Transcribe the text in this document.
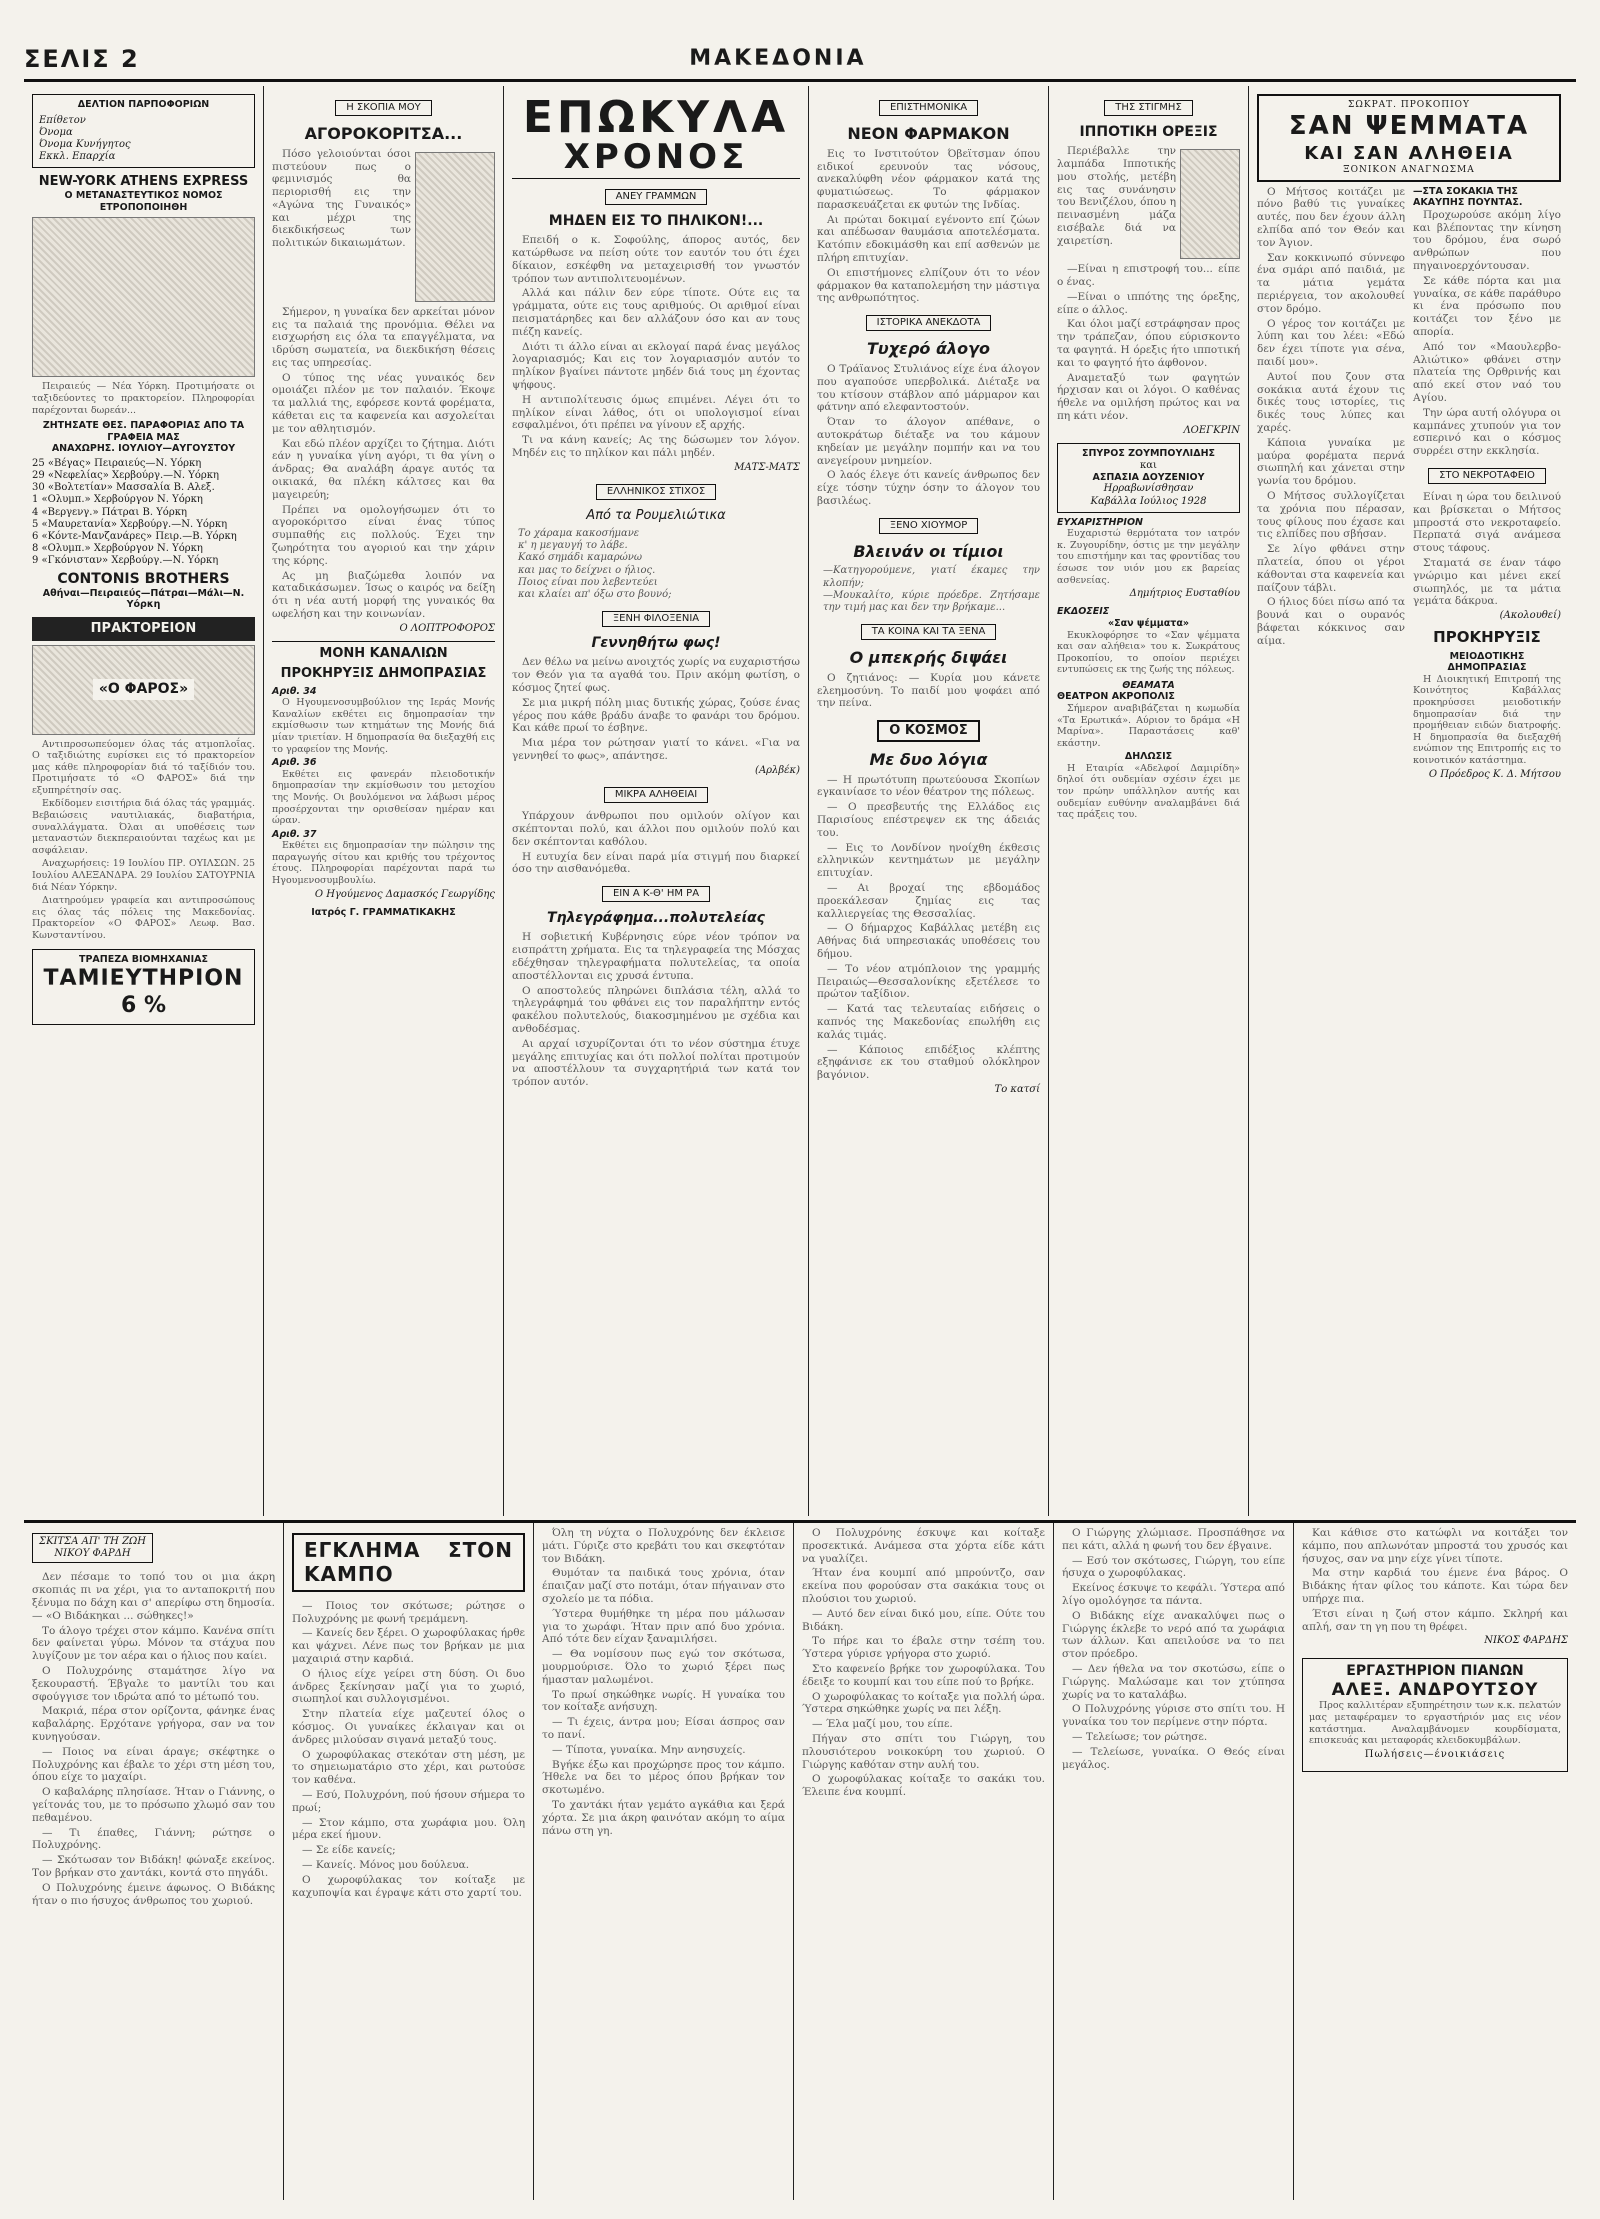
ΣΕΛΙΣ 2	ΜΑΚΕΔΟΝΙΑ
ΔΕΛΤΙΟΝ ΠΑΡΠΟΦΟΡΙΩΝ
Επίθετον
Όνομα
Όνομα Κυνήγητος
Εκκλ. Επαρχία
NEW-YORK ATHENS EXPRESS
Ο ΜΕΤΑΝΑΣΤΕΥΤΙΚΟΣ ΝΟΜΟΣ ΕΤΡΟΠΟΠΟΙΗΘΗ

Πειραιεύς — Νέα Υόρκη. Προτιμήσατε οι ταξιδεύοντες το πρακτορείον. Πληροφορίαι παρέχονται δωρεάν...

ΖΗΤΗΣΑΤΕ ΘΕΣ. ΠΑΡΑΦΟΡΙΑΣ ΑΠΟ ΤΑ ΓΡΑΦΕΙΑ ΜΑΣ
ΑΝΑΧΩΡΗΣ. ΙΟΥΛΙΟΥ—ΑΥΓΟΥΣΤΟΥ
25 «Βέγας» Πειραιεύς—Ν. Υόρκη
29 «Νεφελίας» Χερβούργ.—Ν. Υόρκη
30 «Βολτετίαν» Μασσαλία Β. Αλεξ.
1 «Ολυμπ.» Χερβούργον Ν. Υόρκη
4 «Βεργενγ.» Πάτραι Β. Υόρκη
5 «Μαυρετανία» Χερβούργ.—Ν. Υόρκη
6 «Κόντε-Μανζανάρες» Πειρ.—Β. Υόρκη
8 «Ολυμπ.» Χερβούργον Ν. Υόρκη
9 «Γκόνισταν» Χερβούργ.—Ν. Υόρκη
CONTONIS BROTHERS
Αθήναι—Πειραιεύς—Πάτραι—Μάλι—Ν. Υόρκη
ΠΡΑΚΤΟΡΕΙΟΝ
«Ο ΦΑΡΟΣ»

Αντιπροσωπεύομεν όλας τάς ατμοπλοΐας. Ο ταξιδιώτης ευρίσκει εις τό πρακτορείον μας κάθε πληροφορίαν διά τό ταξίδιόν του. Προτιμήσατε τό «Ο ΦΑΡΟΣ» διά την εξυπηρέτησίν σας.

Εκδίδομεν εισιτήρια διά όλας τάς γραμμάς. Βεβαιώσεις ναυτιλιακάς, διαβατήρια, συναλλάγματα. Όλαι αι υποθέσεις των μεταναστών διεκπεραιούνται ταχέως και με ασφάλειαν.

Αναχωρήσεις: 19 Ιουλίου ΠΡ. ΟΥΙΛΣΩΝ. 25 Ιουλίου ΑΛΕΞΑΝΔΡΑ. 29 Ιουλίου ΣΑΤΟΥΡΝΙΑ διά Νέαν Υόρκην.

Διατηρούμεν γραφεία και αντιπροσώπους εις όλας τάς πόλεις της Μακεδονίας. Πρακτορείον «Ο ΦΑΡΟΣ» Λεωφ. Βασ. Κωνσταντίνου.

ΤΡΑΠΕΖΑ ΒΙΟΜΗΧΑΝΙΑΣ
ΤΑΜΙΕΥΤΗΡΙΟΝ
6 %
Η ΣΚΟΠΙΑ ΜΟΥ
ΑΓΟΡΟΚΟΡΙΤΣΑ...

Πόσο γελοιούνται όσοι πιστεύουν πως ο φεμινισμός θα περιορισθή εις την «Αγώνα της Γυναικός» και μέχρι της διεκδικήσεως των πολιτικών δικαιωμάτων.

Σήμερον, η γυναίκα δεν αρκείται μόνον εις τα παλαιά της προνόμια. Θέλει να εισχωρήση εις όλα τα επαγγέλματα, να ιδρύση σωματεία, να διεκδικήση θέσεις εις τας υπηρεσίας.

Ο τύπος της νέας γυναικός δεν ομοιάζει πλέον με τον παλαιόν. Έκοψε τα μαλλιά της, εφόρεσε κοντά φορέματα, κάθεται εις τα καφενεία και ασχολείται με τον αθλητισμόν.

Και εδώ πλέον αρχίζει το ζήτημα. Διότι εάν η γυναίκα γίνη αγόρι, τι θα γίνη ο άνδρας; Θα αναλάβη άραγε αυτός τα οικιακά, θα πλέκη κάλτσες και θα μαγειρεύη;

Πρέπει να ομολογήσωμεν ότι το αγοροκόριτσο είναι ένας τύπος συμπαθής εις πολλούς. Έχει την ζωηρότητα του αγοριού και την χάριν της κόρης.

Ας μη βιαζώμεθα λοιπόν να καταδικάσωμεν. Ίσως ο καιρός να δείξη ότι η νέα αυτή μορφή της γυναικός θα ωφελήση και την κοινωνίαν.

Ο ΛΟΠΤΡΟΦΟΡΟΣ
ΜΟΝΗ ΚΑΝΑΛΙΩΝ
ΠΡΟΚΗΡΥΞΙΣ ΔΗΜΟΠΡΑΣΙΑΣ
Αριθ. 34

Ο Ηγουμενοσυμβούλιον της Ιεράς Μονής Καναλίων εκθέτει εις δημοπρασίαν την εκμίσθωσιν των κτημάτων της Μονής διά μίαν τριετίαν. Η δημοπρασία θα διεξαχθή εις το γραφείον της Μονής.

Αριθ. 36

Εκθέτει εις φανεράν πλειοδοτικήν δημοπρασίαν την εκμίσθωσιν του μετοχίου της Μονής. Οι βουλόμενοι να λάβωσι μέρος προσέρχονται την ορισθείσαν ημέραν και ώραν.

Αριθ. 37

Εκθέτει εις δημοπρασίαν την πώλησιν της παραγωγής σίτου και κριθής του τρέχοντος έτους. Πληροφορίαι παρέχονται παρά τω Ηγουμενοσυμβουλίω.

Ο Ηγούμενος Δαμασκός Γεωργίδης
Ιατρός Γ. ΓΡΑΜΜΑΤΙΚΑΚΗΣ
ΕΠΩΚΥΛΑ
ΧΡΟΝΟΣ
ΑΝΕΥ ΓΡΑΜΜΩΝ
ΜΗΔΕΝ ΕΙΣ ΤΟ ΠΗΛΙΚΟΝ!...

Επειδή ο κ. Σοφούλης, άπορος αυτός, δεν κατώρθωσε να πείση ούτε τον εαυτόν του ότι έχει δίκαιον, εσκέφθη να μεταχειρισθή τον γνωστόν τρόπον των αντιπολιτευομένων.

Αλλά και πάλιν δεν εύρε τίποτε. Ούτε εις τα γράμματα, ούτε εις τους αριθμούς. Οι αριθμοί είναι πεισματάρηδες και δεν αλλάζουν όσο και αν τους πιέζη κανείς.

Διότι τι άλλο είναι αι εκλογαί παρά ένας μεγάλος λογαριασμός; Και εις τον λογαριασμόν αυτόν το πηλίκον βγαίνει πάντοτε μηδέν διά τους μη έχοντας ψήφους.

Η αντιπολίτευσις όμως επιμένει. Λέγει ότι το πηλίκον είναι λάθος, ότι οι υπολογισμοί είναι εσφαλμένοι, ότι πρέπει να γίνουν εξ αρχής.

Τι να κάνη κανείς; Ας της δώσωμεν τον λόγον. Μηδέν εις το πηλίκον και πάλι μηδέν.

ΜΑΤΣ-ΜΑΤΣ
ΕΛΛΗΝΙΚΟΣ ΣΤΙΧΟΣ
Από τα Ρουμελιώτικα
Το χάραμα κακοσήμανε
κ' η μεγαυγή το λάβε.
Κακό σημάδι καμαρώνω
και μας το δείχνει ο ήλιος.
Ποιος είναι που λεβεντεύει
και κλαίει απ' όξω στο βουνό;
ΞΕΝΗ ΦΙΛΟΞΕΝΙΑ
Γεννηθήτω φως!

Δεν θέλω να μείνω ανοιχτός χωρίς να ευχαριστήσω τον Θεόν για τα αγαθά του. Πριν ακόμη φωτίση, ο κόσμος ζητεί φως.

Σε μια μικρή πόλη μιας δυτικής χώρας, ζούσε ένας γέρος που κάθε βράδυ άναβε το φανάρι του δρόμου. Και κάθε πρωί το έσβηνε.

Μια μέρα τον ρώτησαν γιατί το κάνει. «Για να γεννηθεί το φως», απάντησε.

(Αρλβέκ)
ΜΙΚΡΑ ΑΛΗΘΕΙΑΙ

Υπάρχουν άνθρωποι που ομιλούν ολίγον και σκέπτονται πολύ, και άλλοι που ομιλούν πολύ και δεν σκέπτονται καθόλου.

Η ευτυχία δεν είναι παρά μία στιγμή που διαρκεί όσο την αισθανόμεθα.

ΕΙΝ Α Κ-Θ' ΗΜ ΡΑ
Τηλεγράφημα...πολυτελείας

Η σοβιετική Κυβέρνησις εύρε νέον τρόπον να εισπράττη χρήματα. Εις τα τηλεγραφεία της Μόσχας εδέχθησαν τηλεγραφήματα πολυτελείας, τα οποία αποστέλλονται εις χρυσά έντυπα.

Ο αποστολεύς πληρώνει διπλάσια τέλη, αλλά το τηλεγράφημά του φθάνει εις τον παραλήπτην εντός φακέλου πολυτελούς, διακοσμημένου με σχέδια και ανθοδέσμας.

Αι αρχαί ισχυρίζονται ότι το νέον σύστημα έτυχε μεγάλης επιτυχίας και ότι πολλοί πολίται προτιμούν να αποστέλλουν τα συγχαρητήριά των κατά τον τρόπον αυτόν.

ΕΠΙΣΤΗΜΟΝΙΚΑ
ΝΕΟΝ ΦΑΡΜΑΚΟΝ

Εις το Ινστιτούτον Όβεϊτσμαν όπου ειδικοί ερευνούν τας νόσους, ανεκαλύφθη νέον φάρμακον κατά της φυματιώσεως. Το φάρμακον παρασκευάζεται εκ φυτών της Ινδίας.

Αι πρώται δοκιμαί εγένοντο επί ζώων και απέδωσαν θαυμάσια αποτελέσματα. Κατόπιν εδοκιμάσθη και επί ασθενών με πλήρη επιτυχίαν.

Οι επιστήμονες ελπίζουν ότι το νέον φάρμακον θα καταπολεμήση την μάστιγα της ανθρωπότητος.

ΙΣΤΟΡΙΚΑ ΑΝΕΚΔΟΤΑ
Τυχερό άλογο

Ο Τράϊανος Στυλιάνος είχε ένα άλογον που αγαπούσε υπερβολικά. Διέταξε να του κτίσουν στάβλον από μάρμαρον και φάτνην από ελεφαντοστούν.

Όταν το άλογον απέθανε, ο αυτοκράτωρ διέταξε να του κάμουν κηδείαν με μεγάλην πομπήν και να του ανεγείρουν μνημείον.

Ο λαός έλεγε ότι κανείς άνθρωπος δεν είχε τόσην τύχην όσην το άλογον του βασιλέως.

ΞΕΝΟ ΧΙΟΥΜΟΡ
Βλεινάν οι τίμιοι
—Κατηγορούμενε, γιατί έκαμες την κλοπήν;
—Μουκαλίτο, κύριε πρόεδρε. Ζητήσαμε την τιμή μας και δεν την βρήκαμε...
ΤΑ ΚΟΙΝΑ ΚΑΙ ΤΑ ΞΕΝΑ
Ο μπεκρής διψάει

Ο ζητιάνος: — Κυρία μου κάνετε ελεημοσύνη. Το παιδί μου ψοφάει από την πείνα.

Ο ΚΟΣΜΟΣ
Με δυο λόγια

— Η πρωτότυπη πρωτεύουσα Σκοπίων εγκαινίασε το νέον θέατρον της πόλεως.

— Ο πρεσβευτής της Ελλάδος εις Παρισίους επέστρεψεν εκ της άδειάς του.

— Εις το Λονδίνον ηνοίχθη έκθεσις ελληνικών κεντημάτων με μεγάλην επιτυχίαν.

— Αι βροχαί της εβδομάδος προεκάλεσαν ζημίας εις τας καλλιεργείας της Θεσσαλίας.

— Ο δήμαρχος Καβάλλας μετέβη εις Αθήνας διά υπηρεσιακάς υποθέσεις του δήμου.

— Το νέον ατμόπλοιον της γραμμής Πειραιώς—Θεσσαλονίκης εξετέλεσε το πρώτον ταξίδιον.

— Κατά τας τελευταίας ειδήσεις ο καπνός της Μακεδονίας επωλήθη εις καλάς τιμάς.

— Κάποιος επιδέξιος κλέπτης εξηφάνισε εκ του σταθμού ολόκληρον βαγόνιον.

Το κατσί
ΤΗΣ ΣΤΙΓΜΗΣ
ΙΠΠΟΤΙΚΗ ΟΡΕΞΙΣ

Περιέβαλλε την λαμπάδα Ιπποτικής μου στολής, μετέβη εις τας συνάνησιν του Βενιζέλου, όπου η πεινασμένη μάζα εισέβαλε διά να χαιρετίση.

—Είναι η επιστροφή του... είπε ο ένας.

—Είναι ο ιππότης της όρεξης, είπε ο άλλος.

Και όλοι μαζί εστράφησαν προς την τράπεζαν, όπου εύρισκοντο τα φαγητά. Η όρεξις ήτο ιπποτική και το φαγητό ήτο άφθονον.

Αναμεταξύ των φαγητών ήρχισαν και οι λόγοι. Ο καθένας ήθελε να ομιλήση πρώτος και να πη κάτι νέον.

ΛΟΕΓΚΡΙΝ
ΣΠΥΡΟΣ ΖΟΥΜΠΟΥΛΙΔΗΣ
και
ΑΣΠΑΣΙΑ ΔΟΥΖΕΝΙΟΥ
Ηρραβωνίσθησαν
Καβάλλα Ιούλιος 1928
ΕΥΧΑΡΙΣΤΗΡΙΟΝ

Ευχαριστώ θερμότατα τον ιατρόν κ. Ζυγουρίδην, όστις με την μεγάλην του επιστήμην και τας φροντίδας του έσωσε τον υιόν μου εκ βαρείας ασθενείας.

Δημήτριος Ευσταθίου
ΕΚΔΟΣΕΙΣ
«Σαν ψέμματα»

Εκυκλοφόρησε το «Σαν ψέμματα και σαν αλήθεια» του κ. Σωκράτους Προκοπίου, το οποίον περιέχει εντυπώσεις εκ της ζωής της πόλεως.

ΘΕΑΜΑΤΑ
ΘΕΑΤΡΟΝ ΑΚΡΟΠΟΛΙΣ

Σήμερον αναβιβάζεται η κωμωδία «Τα Ερωτικά». Αύριον το δράμα «Η Μαρίνα». Παραστάσεις καθ' εκάστην.

ΔΗΛΩΣΙΣ

Η Εταιρία «Αδελφοί Δαμιρίδη» δηλοί ότι ουδεμίαν σχέσιν έχει με τον πρώην υπάλληλον αυτής και ουδεμίαν ευθύνην αναλαμβάνει διά τας πράξεις του.

ΣΩΚΡΑΤ. ΠΡΟΚΟΠΙΟΥ
ΣΑΝ ΨΕΜΜΑΤΑ
ΚΑΙ ΣΑΝ ΑΛΗΘΕΙΑ
ΞΟΝΙΚΟΝ ΑΝΑΓΝΩΣΜΑ

Ο Μήτσος κοιτάζει με πόνο βαθύ τις γυναίκες αυτές, που δεν έχουν άλλη ελπίδα από τον Θεόν και τον Άγιον.

Σαν κοκκινωπό σύννεφο ένα σμάρι από παιδιά, με τα μάτια γεμάτα περιέργεια, τον ακολουθεί στον δρόμο.

Ο γέρος τον κοιτάζει με λύπη και του λέει: «Εδώ δεν έχει τίποτε για σένα, παιδί μου».

Αυτοί που ζουν στα σοκάκια αυτά έχουν τις δικές τους ιστορίες, τις δικές τους λύπες και χαρές.

Κάποια γυναίκα με μαύρα φορέματα περνά σιωπηλή και χάνεται στην γωνία του δρόμου.

Ο Μήτσος συλλογίζεται τα χρόνια που πέρασαν, τους φίλους που έχασε και τις ελπίδες που σβήσαν.

Σε λίγο φθάνει στην πλατεία, όπου οι γέροι κάθονται στα καφενεία και παίζουν τάβλι.

Ο ήλιος δύει πίσω από τα βουνά και ο ουρανός βάφεται κόκκινος σαν αίμα.

—ΣΤΑ ΣΟΚΑΚΙΑ ΤΗΣ ΑΚΑΥΠΗΣ ΠΟΥΝΤΑΣ.

Προχωρούσε ακόμη λίγο και βλέποντας την κίνηση του δρόμου, ένα σωρό ανθρώπων που πηγαινοερχόντουσαν.

Σε κάθε πόρτα και μια γυναίκα, σε κάθε παράθυρο κι ένα πρόσωπο που κοιτάζει τον ξένο με απορία.

Από τον «Μαουλερβο-Αλιώτικο» φθάνει στην πλατεία της Ορθρινής και από εκεί στον ναό του Αγίου.

Την ώρα αυτή ολόγυρα οι καμπάνες χτυπούν για τον εσπερινό και ο κόσμος συρρέει στην εκκλησία.

ΣΤΟ ΝΕΚΡΟΤΑΦΕΙΟ

Είναι η ώρα του δειλινού και βρίσκεται ο Μήτσος μπροστά στο νεκροταφείο. Περπατά σιγά ανάμεσα στους τάφους.

Σταματά σε έναν τάφο γνώριμο και μένει εκεί σιωπηλός, με τα μάτια γεμάτα δάκρυα.

(Ακολουθεί)
ΠΡΟΚΗΡΥΞΙΣ
ΜΕΙΟΔΟΤΙΚΗΣ ΔΗΜΟΠΡΑΣΙΑΣ

Η Διοικητική Επιτροπή της Κοινότητος Καβάλλας προκηρύσσει μειοδοτικήν δημοπρασίαν διά την προμήθειαν ειδών διατροφής. Η δημοπρασία θα διεξαχθή ενώπιον της Επιτροπής εις το κοινοτικόν κατάστημα.

Ο Πρόεδρος Κ. Δ. Μήτσου
ΣΚΙΤΣΑ ΑΠ' ΤΗ ΖΩΗ
ΝΙΚΟΥ ΦΑΡΔΗ

Δεν πέσαμε το τοπό του οι μια άκρη σκοπιάς πι να χέρι, για το ανταποκριτή που ξένυμα πο δάχη και σ' απερίφω στη δημοσία. — «Ο Βιδάκηκαι ... σώθηκες!»

Το άλογο τρέχει στον κάμπο. Κανένα σπίτι δεν φαίνεται γύρω. Μόνον τα στάχυα που λυγίζουν με τον αέρα και ο ήλιος που καίει.

Ο Πολυχρόνης σταμάτησε λίγο να ξεκουραστή. Έβγαλε το μαντίλι του και σφούγγισε τον ιδρώτα από το μέτωπό του.

Μακριά, πέρα στον ορίζοντα, φάνηκε ένας καβαλάρης. Ερχότανε γρήγορα, σαν να τον κυνηγούσαν.

— Ποιος να είναι άραγε; σκέφτηκε ο Πολυχρόνης και έβαλε το χέρι στη μέση του, όπου είχε το μαχαίρι.

Ο καβαλάρης πλησίασε. Ήταν ο Γιάννης, ο γείτονάς του, με το πρόσωπο χλωμό σαν του πεθαμένου.

— Τι έπαθες, Γιάννη; ρώτησε ο Πολυχρόνης.

— Σκότωσαν τον Βιδάκη! φώναξε εκείνος. Τον βρήκαν στο χαντάκι, κοντά στο πηγάδι.

Ο Πολυχρόνης έμεινε άφωνος. Ο Βιδάκης ήταν ο πιο ήσυχος άνθρωπος του χωριού.

ΕΓΚΛΗΜΑ ΣΤΟΝ ΚΑΜΠΟ

— Ποιος τον σκότωσε; ρώτησε ο Πολυχρόνης με φωνή τρεμάμενη.

— Κανείς δεν ξέρει. Ο χωροφύλακας ήρθε και ψάχνει. Λένε πως τον βρήκαν με μια μαχαιριά στην καρδιά.

Ο ήλιος είχε γείρει στη δύση. Οι δυο άνδρες ξεκίνησαν μαζί για το χωριό, σιωπηλοί και συλλογισμένοι.

Στην πλατεία είχε μαζευτεί όλος ο κόσμος. Οι γυναίκες έκλαιγαν και οι άνδρες μιλούσαν σιγανά μεταξύ τους.

Ο χωροφύλακας στεκόταν στη μέση, με το σημειωματάριο στο χέρι, και ρωτούσε τον καθένα.

— Εσύ, Πολυχρόνη, πού ήσουν σήμερα το πρωί;

— Στον κάμπο, στα χωράφια μου. Όλη μέρα εκεί ήμουν.

— Σε είδε κανείς;

— Κανείς. Μόνος μου δούλευα.

Ο χωροφύλακας τον κοίταξε με καχυποψία και έγραψε κάτι στο χαρτί του.

Όλη τη νύχτα ο Πολυχρόνης δεν έκλεισε μάτι. Γύριζε στο κρεβάτι του και σκεφτόταν τον Βιδάκη.

Θυμόταν τα παιδικά τους χρόνια, όταν έπαιζαν μαζί στο ποτάμι, όταν πήγαιναν στο σχολείο με τα πόδια.

Ύστερα θυμήθηκε τη μέρα που μάλωσαν για το χωράφι. Ήταν πριν από δυο χρόνια. Από τότε δεν είχαν ξαναμιλήσει.

— Θα νομίσουν πως εγώ τον σκότωσα, μουρμούρισε. Όλο το χωριό ξέρει πως ήμασταν μαλωμένοι.

Το πρωί σηκώθηκε νωρίς. Η γυναίκα του τον κοίταξε ανήσυχη.

— Τι έχεις, άντρα μου; Είσαι άσπρος σαν το πανί.

— Τίποτα, γυναίκα. Μην ανησυχείς.

Βγήκε έξω και προχώρησε προς τον κάμπο. Ήθελε να δει το μέρος όπου βρήκαν τον σκοτωμένο.

Το χαντάκι ήταν γεμάτο αγκάθια και ξερά χόρτα. Σε μια άκρη φαινόταν ακόμη το αίμα πάνω στη γη.

Ο Πολυχρόνης έσκυψε και κοίταξε προσεκτικά. Ανάμεσα στα χόρτα είδε κάτι να γυαλίζει.

Ήταν ένα κουμπί από μπρούντζο, σαν εκείνα που φορούσαν στα σακάκια τους οι πλούσιοι του χωριού.

— Αυτό δεν είναι δικό μου, είπε. Ούτε του Βιδάκη.

Το πήρε και το έβαλε στην τσέπη του. Ύστερα γύρισε γρήγορα στο χωριό.

Στο καφενείο βρήκε τον χωροφύλακα. Του έδειξε το κουμπί και του είπε πού το βρήκε.

Ο χωροφύλακας το κοίταξε για πολλή ώρα. Ύστερα σηκώθηκε χωρίς να πει λέξη.

— Έλα μαζί μου, του είπε.

Πήγαν στο σπίτι του Γιώργη, του πλουσιότερου νοικοκύρη του χωριού. Ο Γιώργης καθόταν στην αυλή του.

Ο χωροφύλακας κοίταξε το σακάκι του. Έλειπε ένα κουμπί.

Ο Γιώργης χλώμιασε. Προσπάθησε να πει κάτι, αλλά η φωνή του δεν έβγαινε.

— Εσύ τον σκότωσες, Γιώργη, του είπε ήσυχα ο χωροφύλακας.

Εκείνος έσκυψε το κεφάλι. Ύστερα από λίγο ομολόγησε τα πάντα.

Ο Βιδάκης είχε ανακαλύψει πως ο Γιώργης έκλεβε το νερό από τα χωράφια των άλλων. Και απειλούσε να το πει στον πρόεδρο.

— Δεν ήθελα να τον σκοτώσω, είπε ο Γιώργης. Μαλώσαμε και τον χτύπησα χωρίς να το καταλάβω.

Ο Πολυχρόνης γύρισε στο σπίτι του. Η γυναίκα του τον περίμενε στην πόρτα.

— Τελείωσε; τον ρώτησε.

— Τελείωσε, γυναίκα. Ο Θεός είναι μεγάλος.

Και κάθισε στο κατώφλι να κοιτάξει τον κάμπο, που απλωνόταν μπροστά του χρυσός και ήσυχος, σαν να μην είχε γίνει τίποτε.

Μα στην καρδιά του έμενε ένα βάρος. Ο Βιδάκης ήταν φίλος του κάποτε. Και τώρα δεν υπήρχε πια.

Έτσι είναι η ζωή στον κάμπο. Σκληρή και απλή, σαν τη γη που τη θρέφει.

ΝΙΚΟΣ ΦΑΡΔΗΣ
ΕΡΓΑΣΤΗΡΙΟΝ ΠΙΑΝΩΝ
ΑΛΕΞ. ΑΝΔΡΟΥΤΣΟΥ

Προς καλλιτέραν εξυπηρέτησιν των κ.κ. πελατών μας μεταφέραμεν το εργαστήριόν μας εις νέον κατάστημα. Αναλαμβάνομεν κουρδίσματα, επισκευάς και μεταφοράς κλειδοκυμβάλων.

Πωλήσεις—ένοικιάσεις
